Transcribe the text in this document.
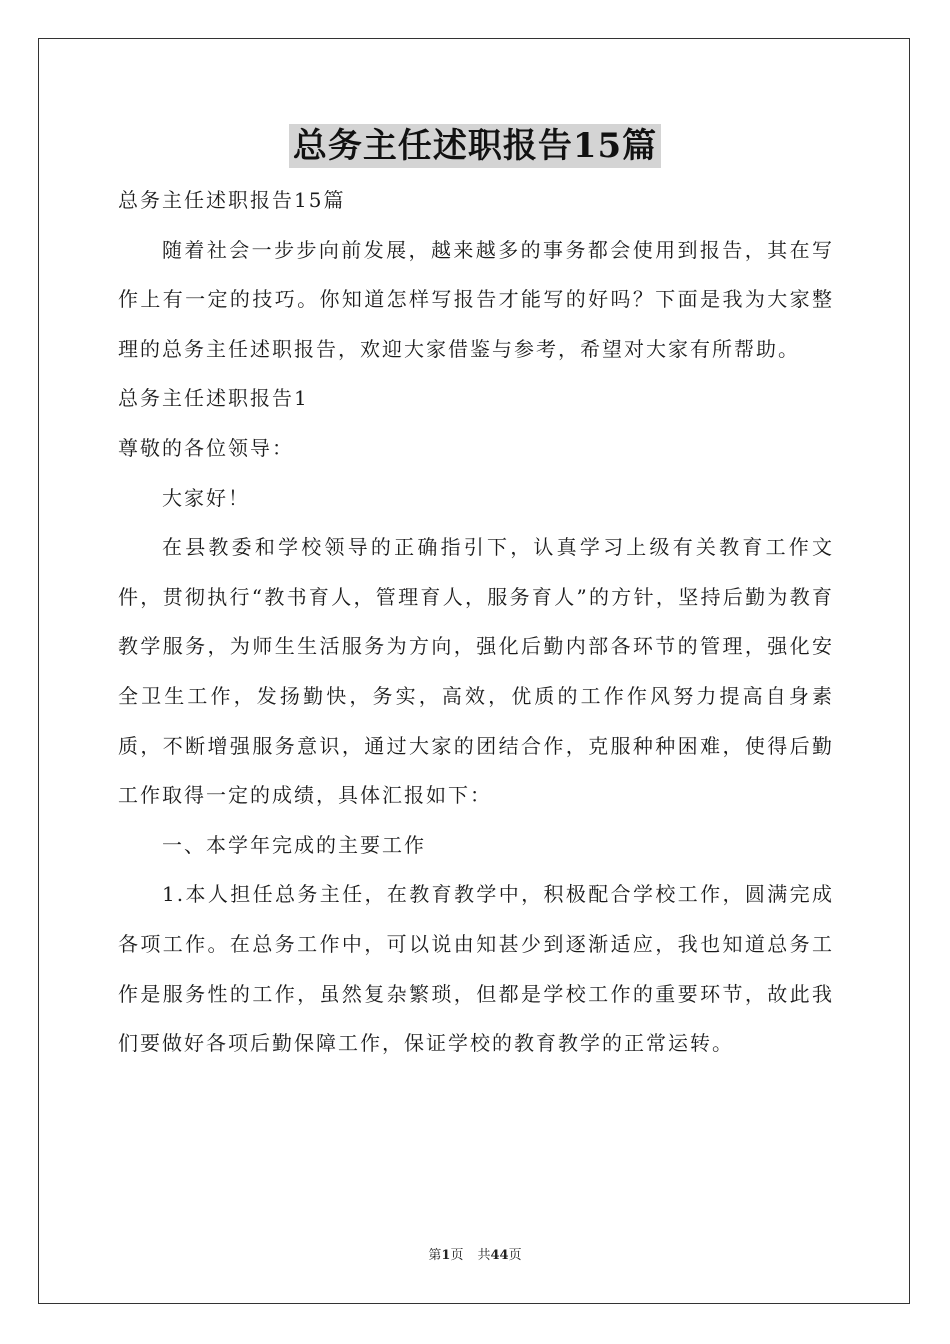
总务主任述职报告15篇

总务主任述职报告15篇

随着社会一步步向前发展，越来越多的事务都会使用到报告，其在写作上有一定的技巧。你知道怎样写报告才能写的好吗？下面是我为大家整理的总务主任述职报告，欢迎大家借鉴与参考，希望对大家有所帮助。

总务主任述职报告1

尊敬的各位领导：

大家好！

在县教委和学校领导的正确指引下，认真学习上级有关教育工作文件，贯彻执行“教书育人，管理育人，服务育人”的方针，坚持后勤为教育教学服务，为师生生活服务为方向，强化后勤内部各环节的管理，强化安全卫生工作，发扬勤快，务实，高效，优质的工作作风努力提高自身素质，不断增强服务意识，通过大家的团结合作，克服种种困难，使得后勤工作取得一定的成绩，具体汇报如下：

一、本学年完成的主要工作

1.本人担任总务主任，在教育教学中，积极配合学校工作，圆满完成各项工作。在总务工作中，可以说由知甚少到逐渐适应，我也知道总务工作是服务性的工作，虽然复杂繁琐，但都是学校工作的重要环节，故此我们要做好各项后勤保障工作，保证学校的教育教学的正常运转。

第1页 共44页
